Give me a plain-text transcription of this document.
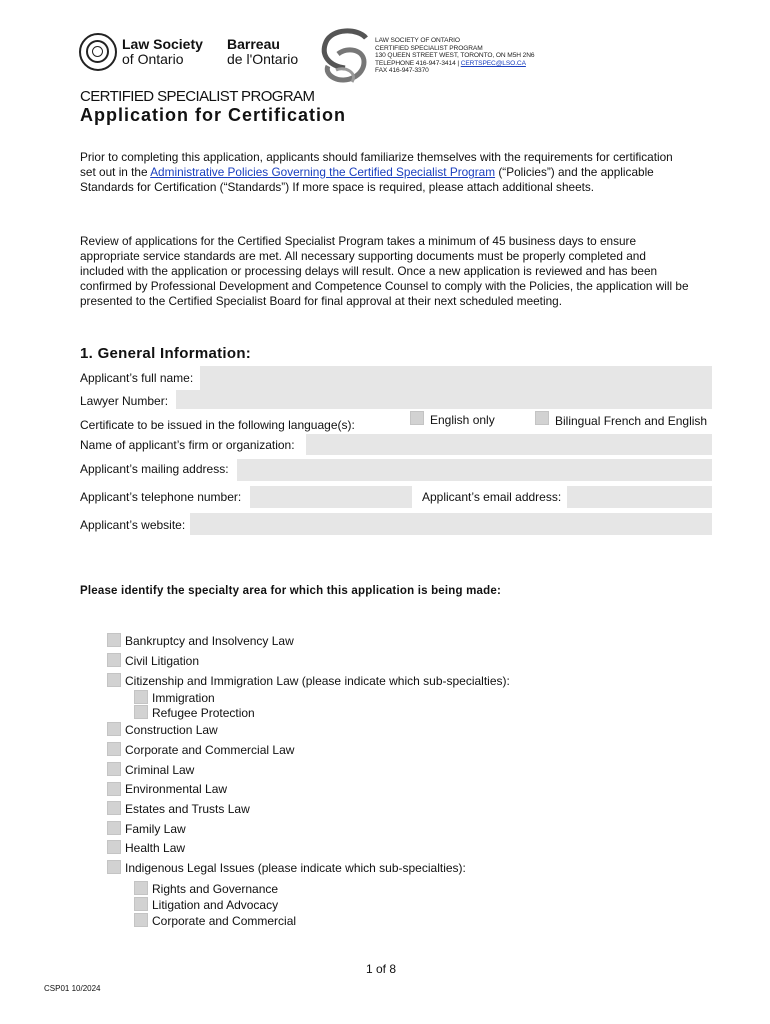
Law Society
of Ontario
Barreau
de l'Ontario
LAW SOCIETY OF ONTARIO
CERTIFIED SPECIALIST PROGRAM
130 QUEEN STREET WEST, TORONTO, ON M5H 2N6
TELEPHONE 416-947-3414 | CERTSPEC@LSO.CA
FAX 416-947-3370
CERTIFIED SPECIALIST PROGRAM
Application for Certification
Prior to completing this application, applicants should familiarize themselves with the requirements for certification set out in the Administrative Policies Governing the Certified Specialist Program (“Policies”) and the applicable Standards for Certification (“Standards”) If more space is required, please attach additional sheets.
Review of applications for the Certified Specialist Program takes a minimum of 45 business days to ensure appropriate service standards are met. All necessary supporting documents must be properly completed and included with the application or processing delays will result. Once a new application is reviewed and has been confirmed by Professional Development and Competence Counsel to comply with the Policies, the application will be presented to the Certified Specialist Board for final approval at their next scheduled meeting.
1. General Information:
Applicant’s full name:
Lawyer Number:
Certificate to be issued in the following language(s):	English only	Bilingual French and English
Name of applicant’s firm or organization:
Applicant’s mailing address:
Applicant’s telephone number:	Applicant’s email address:
Applicant’s website:
Please identify the specialty area for which this application is being made:
Bankruptcy and Insolvency Law
Civil Litigation
Citizenship and Immigration Law (please indicate which sub-specialties):
Immigration
Refugee Protection
Construction Law
Corporate and Commercial Law
Criminal Law
Environmental Law
Estates and Trusts Law
Family Law
Health Law
Indigenous Legal Issues (please indicate which sub-specialties):
Rights and Governance
Litigation and Advocacy
Corporate and Commercial
1 of 8
CSP01 10/2024
